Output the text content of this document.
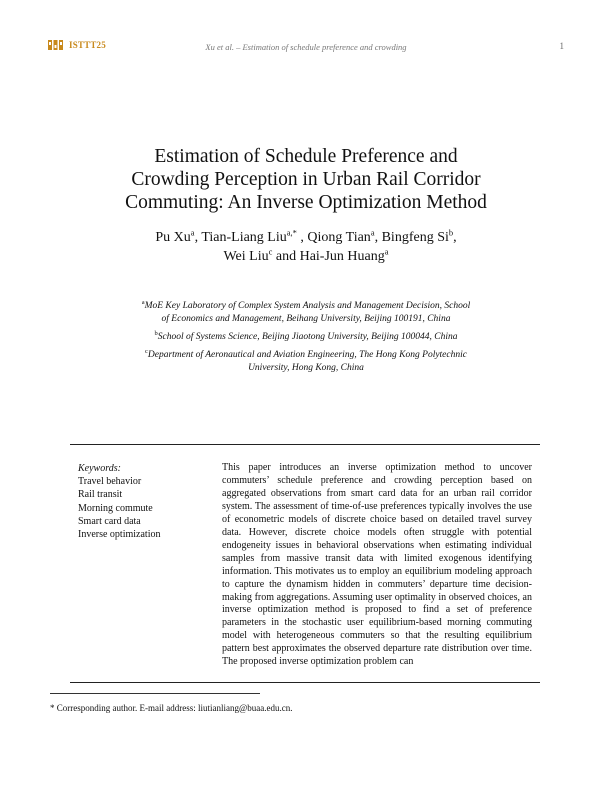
ISTTT25	Xu et al. – Estimation of schedule preference and crowding	1
Estimation of Schedule Preference and Crowding Perception in Urban Rail Corridor Commuting: An Inverse Optimization Method
Pu Xu$^a$, Tian-Liang Liu$^{a,*}$ , Qiong Tian$^a$, Bingfeng Si$^b$,
Wei Liu$^c$ and Hai-Jun Huang$^a$
$^a$MoE Key Laboratory of Complex System Analysis and Management Decision, School of Economics and Management, Beihang University, Beijing 100191, China
$^b$School of Systems Science, Beijing Jiaotong University, Beijing 100044, China
$^c$Department of Aeronautical and Aviation Engineering, The Hong Kong Polytechnic University, Hong Kong, China
Keywords:
Travel behavior
Rail transit
Morning commute
Smart card data
Inverse optimization
This paper introduces an inverse optimization method to uncover commuters’ schedule preference and crowding perception based on aggregated observations from smart card data for an urban rail corridor system. The assessment of time-of-use preferences typically involves the use of econometric models of discrete choice based on detailed travel survey data. However, discrete choice models often struggle with potential endogeneity issues in behavioral observations when estimating individual samples from massive transit data with limited exogenous identifying information. This motivates us to employ an equilibrium modeling approach to capture the dynamism hidden in commuters’ departure time decision-making from aggregations. Assuming user optimality in observed choices, an inverse optimization method is proposed to find a set of preference parameters in the stochastic user equilibrium-based morning commuting model with heterogeneous commuters so that the resulting equilibrium pattern best approximates the observed departure rate distribution over time. The proposed inverse optimization problem can
* Corresponding author. E-mail address: liutianliang@buaa.edu.cn.
